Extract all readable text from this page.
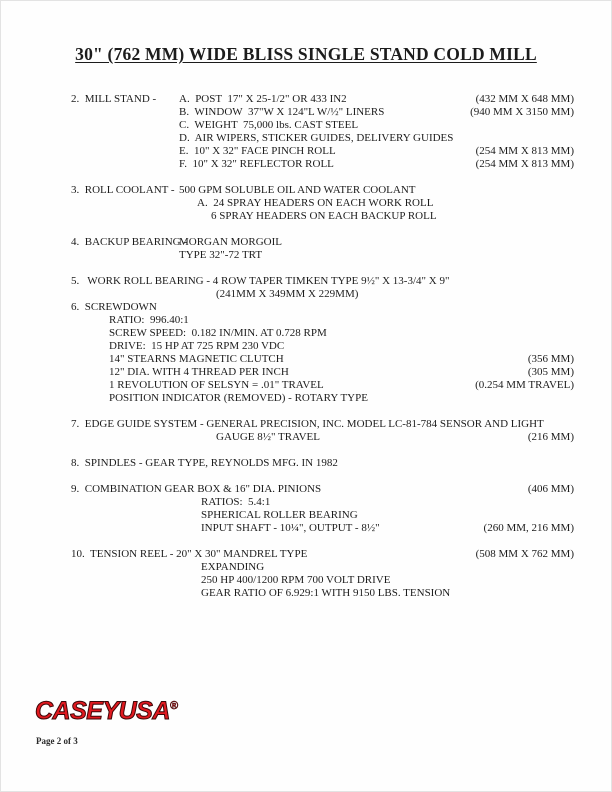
30" (762 MM) WIDE BLISS SINGLE STAND COLD MILL
2.  MILL STAND -	A.  POST  17" X 25-1/2" OR 433 IN2	(432 MM X 648 MM)
B.  WINDOW  37"W X 124"L W/½" LINERS	(940 MM X 3150 MM)
C.  WEIGHT  75,000 lbs. CAST STEEL
D.  AIR WIPERS, STICKER GUIDES, DELIVERY GUIDES
E.  10" X 32" FACE PINCH ROLL	(254 MM X 813 MM)
F.  10" X 32" REFLECTOR ROLL	(254 MM X 813 MM)
3.  ROLL COOLANT - 500 GPM SOLUBLE OIL AND WATER COOLANT
A.  24 SPRAY HEADERS ON EACH WORK ROLL
6 SPRAY HEADERS ON EACH BACKUP ROLL
4.  BACKUP BEARING -
MORGAN MORGOIL
TYPE 32"-72 TRT
5.   WORK ROLL BEARING - 4 ROW TAPER TIMKEN TYPE 9½" X 13-3/4" X 9"
(241MM X 349MM X 229MM)
6.  SCREWDOWN
RATIO:  996.40:1
SCREW SPEED:  0.182 IN/MIN. AT 0.728 RPM
DRIVE:  15 HP AT 725 RPM 230 VDC
14" STEARNS MAGNETIC CLUTCH	(356 MM)
12" DIA. WITH 4 THREAD PER INCH	(305 MM)
1 REVOLUTION OF SELSYN = .01" TRAVEL	(0.254 MM TRAVEL)
POSITION INDICATOR (REMOVED) - ROTARY TYPE
7.  EDGE GUIDE SYSTEM - GENERAL PRECISION, INC. MODEL LC-81-784 SENSOR AND LIGHT
GAUGE 8½" TRAVEL	(216 MM)
8.  SPINDLES - GEAR TYPE, REYNOLDS MFG. IN 1982
9.  COMBINATION GEAR BOX & 16" DIA. PINIONS	(406 MM)
RATIOS:  5.4:1
SPHERICAL ROLLER BEARING
INPUT SHAFT - 10¼", OUTPUT - 8½"	(260 MM, 216 MM)
10.  TENSION REEL - 20" X 30" MANDREL TYPE	(508 MM X 762 MM)
EXPANDING
250 HP 400/1200 RPM 700 VOLT DRIVE
GEAR RATIO OF 6.929:1 WITH 9150 LBS. TENSION
CASEYUSA®
Page 2 of 3
